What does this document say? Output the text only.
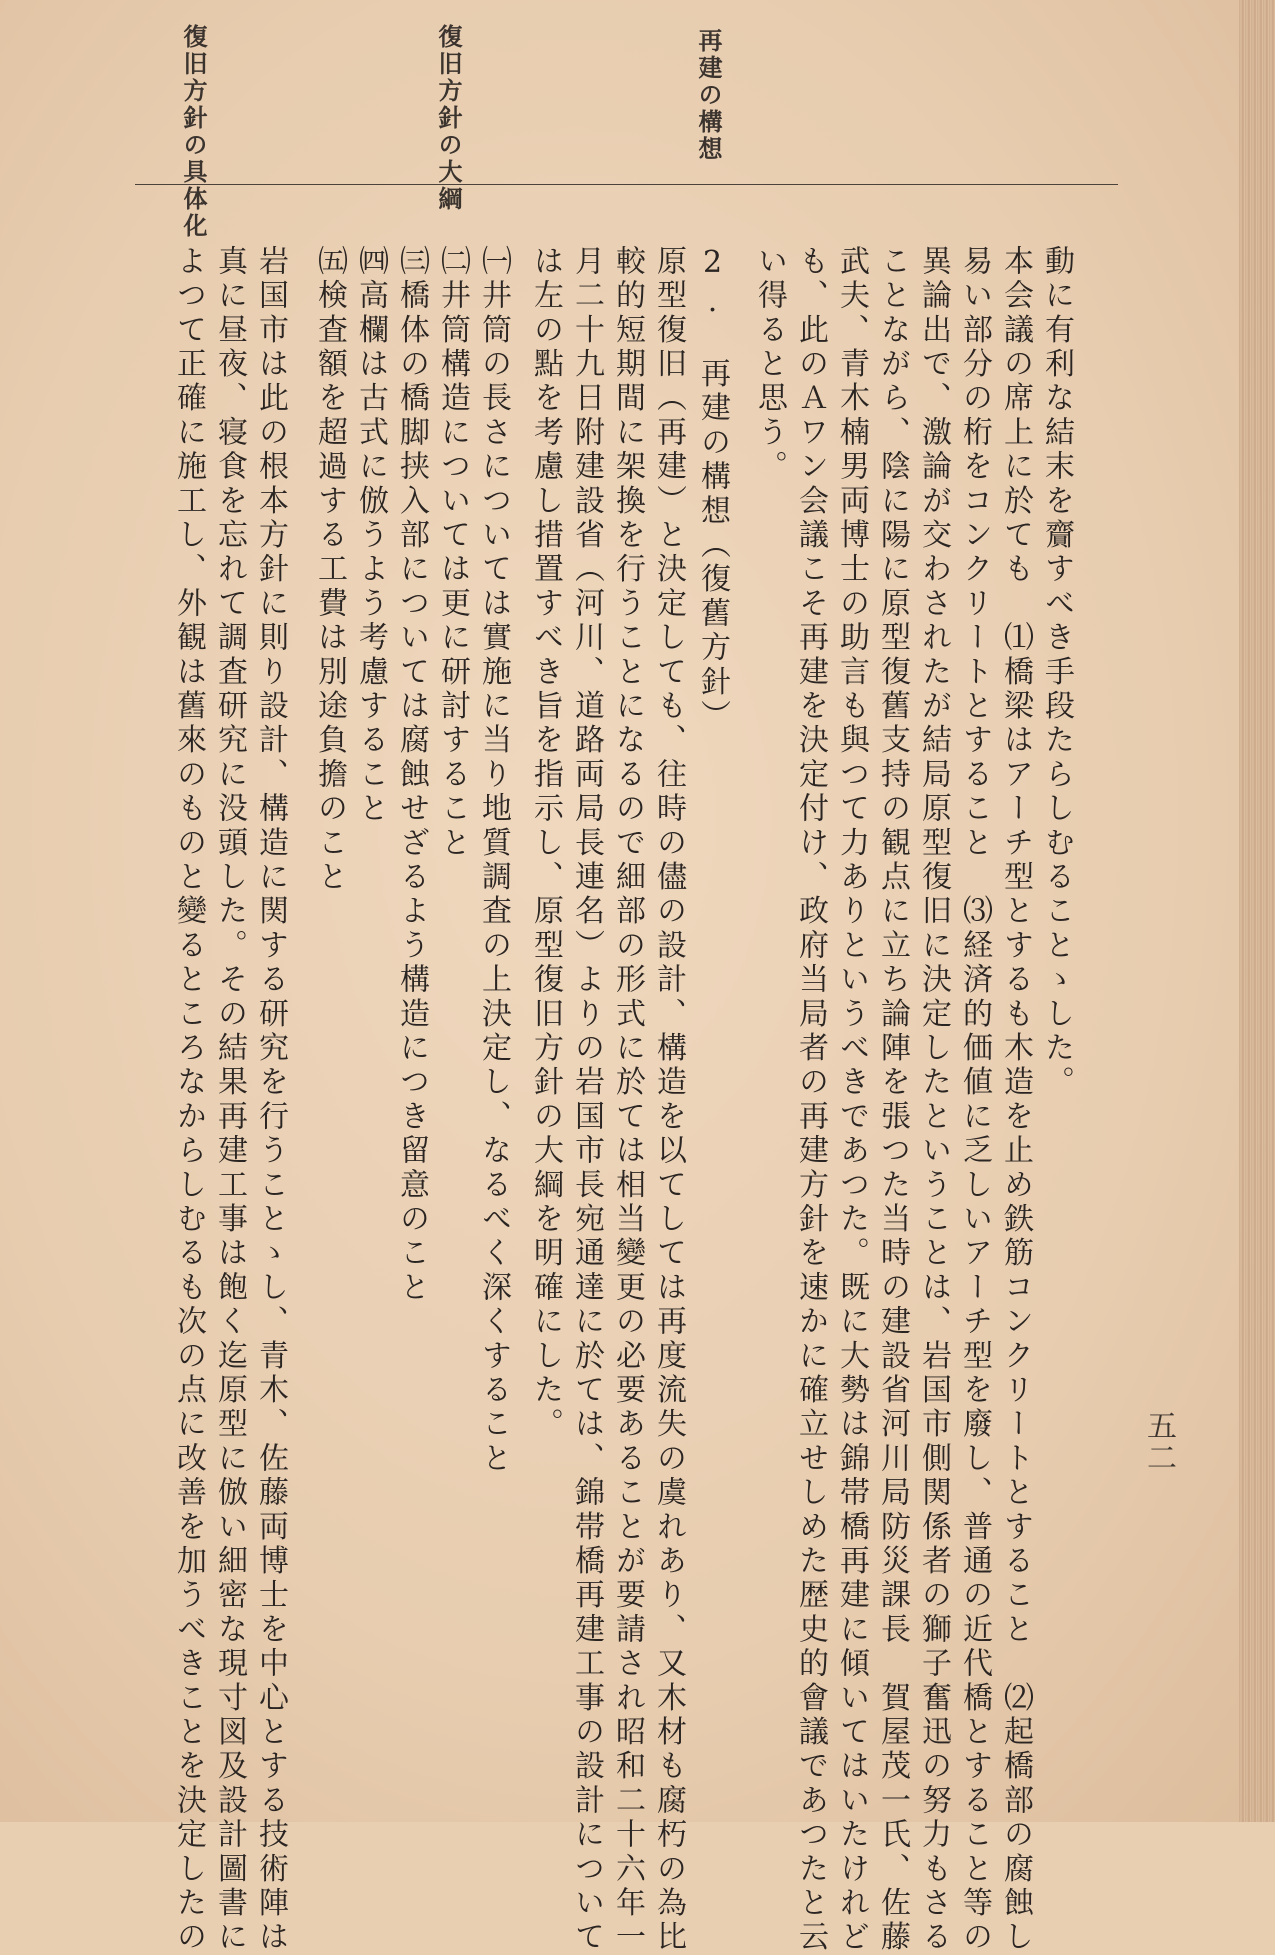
再建の構想
復旧方針の大綱
復旧方針の具体化
動に有利な結末を齎すべき手段たらしむることゝした。
本会議の席上に於ても　⑴橋梁はアーチ型とするも木造を止め鉄筋コンクリートとすること　⑵起橋部の腐蝕し
易い部分の桁をコンクリートとすること　⑶経済的価値に乏しいアーチ型を廢し、普通の近代橋とすること等の
異論出で、激論が交わされたが結局原型復旧に決定したということは、岩国市側関係者の獅子奮迅の努力もさる
ことながら、陰に陽に原型復舊支持の観点に立ち論陣を張つた当時の建設省河川局防災課長　賀屋茂一氏、佐藤
武夫、青木楠男両博士の助言も與つて力ありというべきであつた。既に大勢は錦帯橋再建に傾いてはいたけれど
も、此のＡワン会議こそ再建を決定付け、政府当局者の再建方針を速かに確立せしめた歴史的會議であつたと云
い得ると思う。
2.　再建の構想（復舊方針）
原型復旧（再建）と決定しても、往時の儘の設計、構造を以てしては再度流失の虞れあり、又木材も腐朽の為比
較的短期間に架換を行うことになるので細部の形式に於ては相当變更の必要あることが要請され昭和二十六年一
月二十九日附建設省（河川、道路両局長連名）よりの岩国市長宛通達に於ては、錦帯橋再建工事の設計について
は左の點を考慮し措置すべき旨を指示し、原型復旧方針の大綱を明確にした。
㈠井筒の長さについては實施に当り地質調査の上決定し、なるべく深くすること
㈡井筒構造については更に研討すること
㈢橋体の橋脚挟入部については腐蝕せざるよう構造につき留意のこと
㈣高欄は古式に倣うよう考慮すること
㈤検査額を超過する工費は別途負擔のこと
岩国市は此の根本方針に則り設計、構造に関する研究を行うことゝし、青木、佐藤両博士を中心とする技術陣は
真に昼夜、寝食を忘れて調査研究に没頭した。その結果再建工事は飽く迄原型に倣い細密な現寸図及設計圖書に
よつて正確に施工し、外観は舊來のものと變るところなからしむるも次の点に改善を加うべきことを決定したの	五二
